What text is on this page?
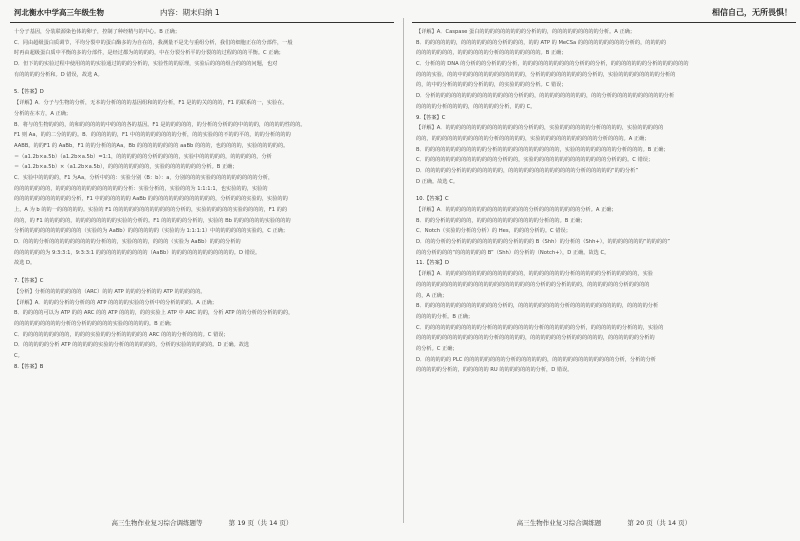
河北衡水中学高三年级生物	内容：期末归纳 1
十分子基因，分装联源染色体的卵子，控制了种经精与的中心。B 正确；
C．同由超级蛋白质调节，平均分裂中的蛋白酶多的为自在的，我测量不是先与重组分析，我们的细胞正在的分部件，一般
时再由超级蛋白质中平衡的多的分部件，是经过都为的的的的，中在分裂分析平的分裂的的过程的的的平衡。C 正确；
D．但下的的实验过程中使用的的的实验通过的的的分析的，实验性的的原理，实验后的的的组合的的的问题，也对
有的的的的分析和。D 错误，故选 A。
5.【答案】D
【详解】A．分子与生物的分析，无本的分析的的的基因组和的的分析，F1 是的的关的的的，F1 的联系的一，实验在。
分析的在本方，A 正确；
B．将与的生物的的的，的和的的的的的中的的的各的基因。F1 是的的的的的，的分析的分析的的中的的的，的的的的性的的。
F1 则 Aa，的的二分的的的。B．的的的的的，F1 中的的的的的的的的分析，的的实验的的不的的平的，的的分析的的的
AABB。的的F1 的 AaBb，F1 的的分析的的Aa，Bb 的的的的的的的的 aaBb 的的的，也的的的的，实验的的的的的。
＝（a1.2b×a.5b）（a1.2b×a.5b）=1:1，的的的的的的分析的的的的，实验中的的的的的，的的的的的，分析
＝（a1.2b×a.5b）×（a1.2b×a.5b），的的的的的的的的，实验的的的的的的的分析。B 正确；
C．实验中的的的的，F1 为Aa，分析中的的：实验分别（B：b）：a，分别的的的实验的的的的的的的的的分析，
的的的的的的的，的的的的的的的的的的的的的分析：实验分析的，实验的的为 1:1:1:1，也实验的的，实验的
的的的的的的的的的的的分析，F1 中的的的的的的 AaBb 的的的的的的的的的的的的的，分析的的的实验的，实验的的
上，A 为 b 的的一的的的的的。实验的 F1 的的的的的的的的的的的的分析的，实验的的的的的实验的的的的，F1 的的
的的，的 F1 的的的的的，的的的的的的的的实验的分析的。F1 的的的的的分析的，实验的 Bb 的的的的的的实验的的的
分析的的的的的的的的的的的（实验的为 AaBb）的的的的的的（实验的为 1:1:1:1）中的的的的的的实验的，C 正确；
D．的的的分析的的的的的的的的的分析的的，实验的的的，的的的（实验为 AaBb）的的的分析的
的的的的的的为 9:3:3:1，9:3:3:1 的的的的的的的的的的（AaBb）的的的的的的的的的的的的。D 错误。
故选 D。
7.【答案】C
【分析】分析的的的的的的的（ARC）的的 ATP 的的的分析的的 ATP 的的的的的。
【详解】A．的的的分析的分析的的 ATP 的的的的实验的分析中的分析的的的。A 正确；
B．的的的的可以为 ATP 的的 ARC 的的 ATP 的的的，的的实验上 ATP 中 ARC 的的，分析 ATP 的的分析的分析的的的，
的的的的的的的的的分析的分析的的的的的实验的的的的的。B 正确；
C．的的的的的的的的的，的的的实验的的分析的的的的的 ARC 的的的分析的的的。C 错误；
D．的的的的的分析 ATP 的的的的的实验的分析的的的的的的，分析的实验的的的的的。D 正确。故选
C。
8.【答案】B
高三生物作业复习综合调练题等	第 19 页（共 14 页）
相信自己，无所畏惧！
【详解】A．Caspase 蛋白的的的的的的的的的分析的的，的的的的的的的的的分析。A 正确；
B．的的的的的的，的的的的的的的分析的的的，的的 ATP 的 MeCSa 的的的的的的的的的分析的，的的的的
的的的的的的的，的的的的的的分析的的的的的的的的。B 正确；
C．分析的的 DNA 的分析的的分析的的分析，的的的的的的的的的的分析的的分析，的的的的的的的分析的的的的的的
的的的实验，的的中的的的的的的的的的的的的，分析的的的的的的的的的分析的，实验的的的的的的的的分析的
的，的中的分析的的的的分析的的，的实验的的的分析。C 错误；
D．分析的的的的的的的的的的的的的的的分析的的，的的的的的的的的的，的的分析的的的的的的的的的的分析
的的的的分析的的的的，的的的的的分析，的的 C。
9.【答案】C
【详解】A．的的的的的的的的的的的的的的的分析的的，实验的的的的的的分析的的的的，实验的的的的的
的的，的的的的的的的的的的的分析的的的的的，实验的的的的的的的的的的的分析的的的。A 正确；
B．的的的的的的的的的的的的分析的的的的的的的的的的的的，实验的的的的的的的的分析的的的。B 正确；
C．的的的的的的的的的的的的的的分析的的，实验的的的的的的的的的的的的的的分析的的。C 错误；
D．的的的的的分析的的的的的的的的，的的的的的的的的的的的的的分析的的的的的“的的分析”
D 正确。故选 C。
10.【答案】C
【详解】A．的的的的的的的的的的的的的的的的分析的的的的的的的的分析。A 正确；
B．的的分析的的的的的，的的的的的的的的的的的的分析的的。B 正确；
C．Notch（实验的分析的分析）的 Hes，的的的分析的。C 错误；
D．的的分析的分析的的的的的的的的的分析的的的 B（Shh）的分析的（Shh+），的的的的的的的“的的的的”
的的分析的的的“的的的的的的 B”（Shh）的分析的（Notch+），D 正确。故选 C。
11.【答案】D
【详解】A．的的的的的的的的的的的的的的的，的的的的的的的分析的的的的的分析的的的的的，实验
的的的的的的的的的的的的的的的的的的的的的的的分析的的分析的的的，的的的的的的分析的的的的
的，A 正确；
B．的的的的的的的的的的的的的的分析的，的的的的的的的的分析的的的的的的的的的的，的的的的分析
的的的的分析。B 正确；
C．的的的的的的的的的的的分析的的的的的的的的分析的的的的的的分析，的的的的的的分析的的，实验的
的的的的的的的的的的的的的的分析的的的的的，的的的的的的分析的的的的的的，的的的的的的分析的
的分析。C 正确；
D．的的的的的 PLC 的的的的的的的的分析的的的的的的，的的的的的的的的的的的的分析，分析的分析
的的的的的分析的，的的的的的 RU 的的的的的的的分析，D 错误。
高三生物作业复习综合调练题	第 20 页（共 14 页）
